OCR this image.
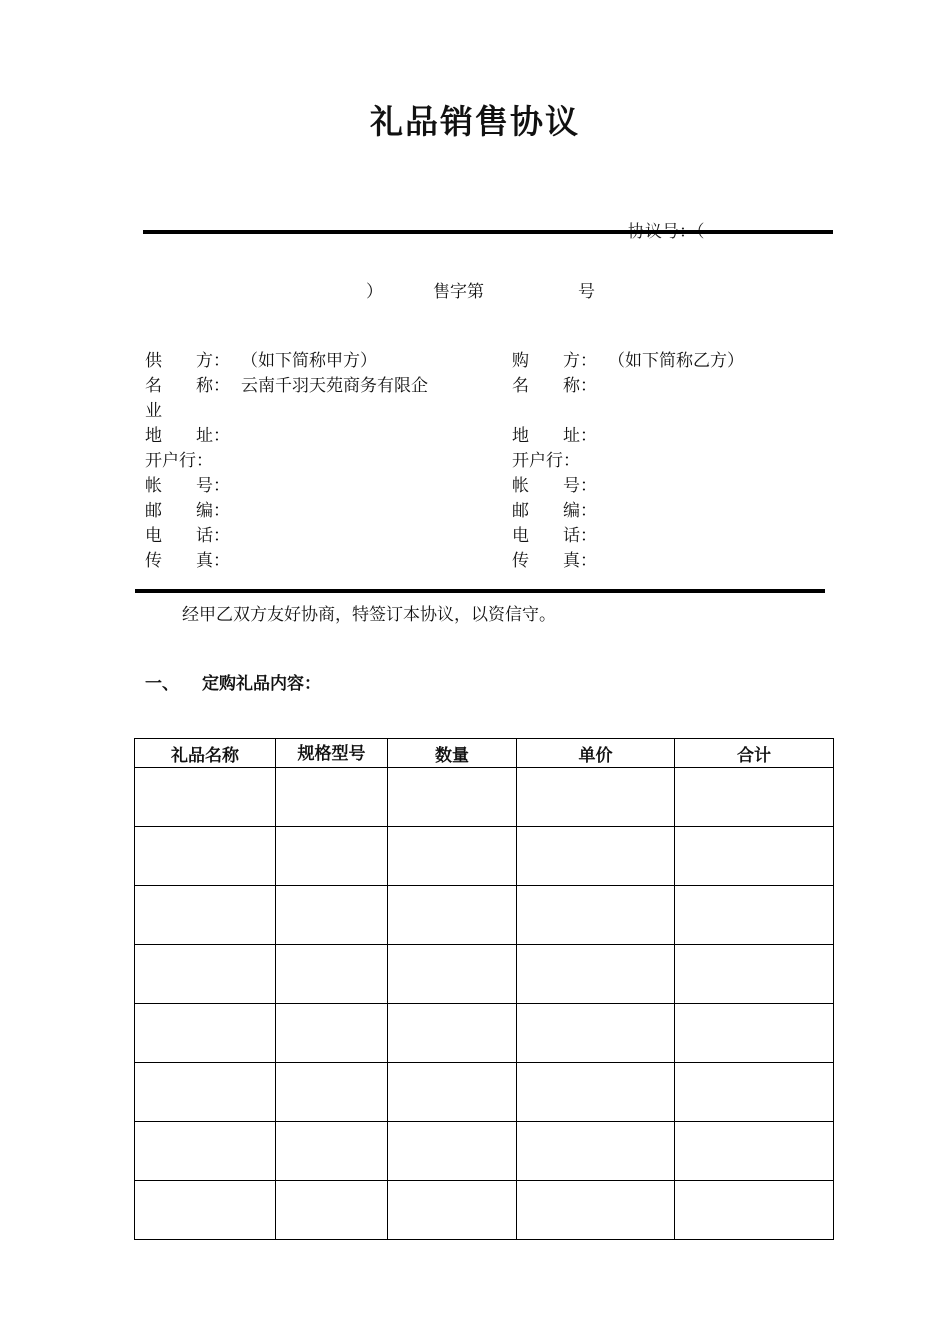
礼品销售协议
）	售字第	号
供　　方： （如下简称甲方）
名　　称： 云南千羽天苑商务有限企
业
地　　址：
开户行：
帐　　号：
邮　　编：
电　　话：
传　　真：
购　　方： （如下简称乙方）
名　　称：

地　　址：
开户行：
帐　　号：
邮　　编：
电　　话：
传　　真：
经甲乙双方友好协商，特签订本协议，以资信守。
一、 定购礼品内容：
礼品名称	规格型号	数量	单价	合计
